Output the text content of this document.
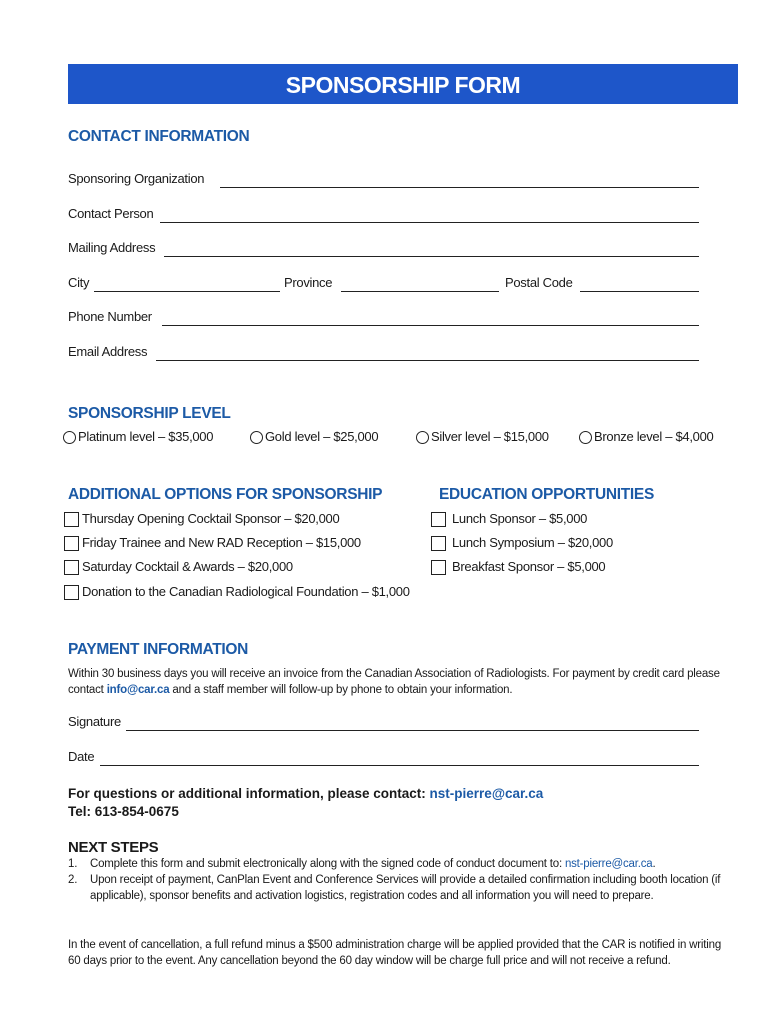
SPONSORSHIP FORM
CONTACT INFORMATION
Sponsoring Organization
Contact Person
Mailing Address
City	Province	Postal Code
Phone Number
Email Address
SPONSORSHIP LEVEL
Platinum level – $35,000	Gold level – $25,000	Silver level – $15,000	Bronze level – $4,000
ADDITIONAL OPTIONS FOR SPONSORSHIP	EDUCATION OPPORTUNITIES
Thursday Opening Cocktail Sponsor – $20,000
Friday Trainee and New RAD Reception – $15,000
Saturday Cocktail & Awards – $20,000
Donation to the Canadian Radiological Foundation – $1,000
Lunch Sponsor – $5,000
Lunch Symposium – $20,000
Breakfast Sponsor – $5,000
PAYMENT INFORMATION
Within 30 business days you will receive an invoice from the Canadian Association of Radiologists. For payment by credit card please contact info@car.ca and a staff member will follow-up by phone to obtain your information.
Signature
Date
For questions or additional information, please contact: nst-pierre@car.ca
Tel: 613-854-0675
NEXT STEPS
1. Complete this form and submit electronically along with the signed code of conduct document to: nst-pierre@car.ca.
2. Upon receipt of payment, CanPlan Event and Conference Services will provide a detailed confirmation including booth location (if applicable), sponsor benefits and activation logistics, registration codes and all information you will need to prepare.
In the event of cancellation, a full refund minus a $500 administration charge will be applied provided that the CAR is notified in writing 60 days prior to the event. Any cancellation beyond the 60 day window will be charge full price and will not receive a refund.
